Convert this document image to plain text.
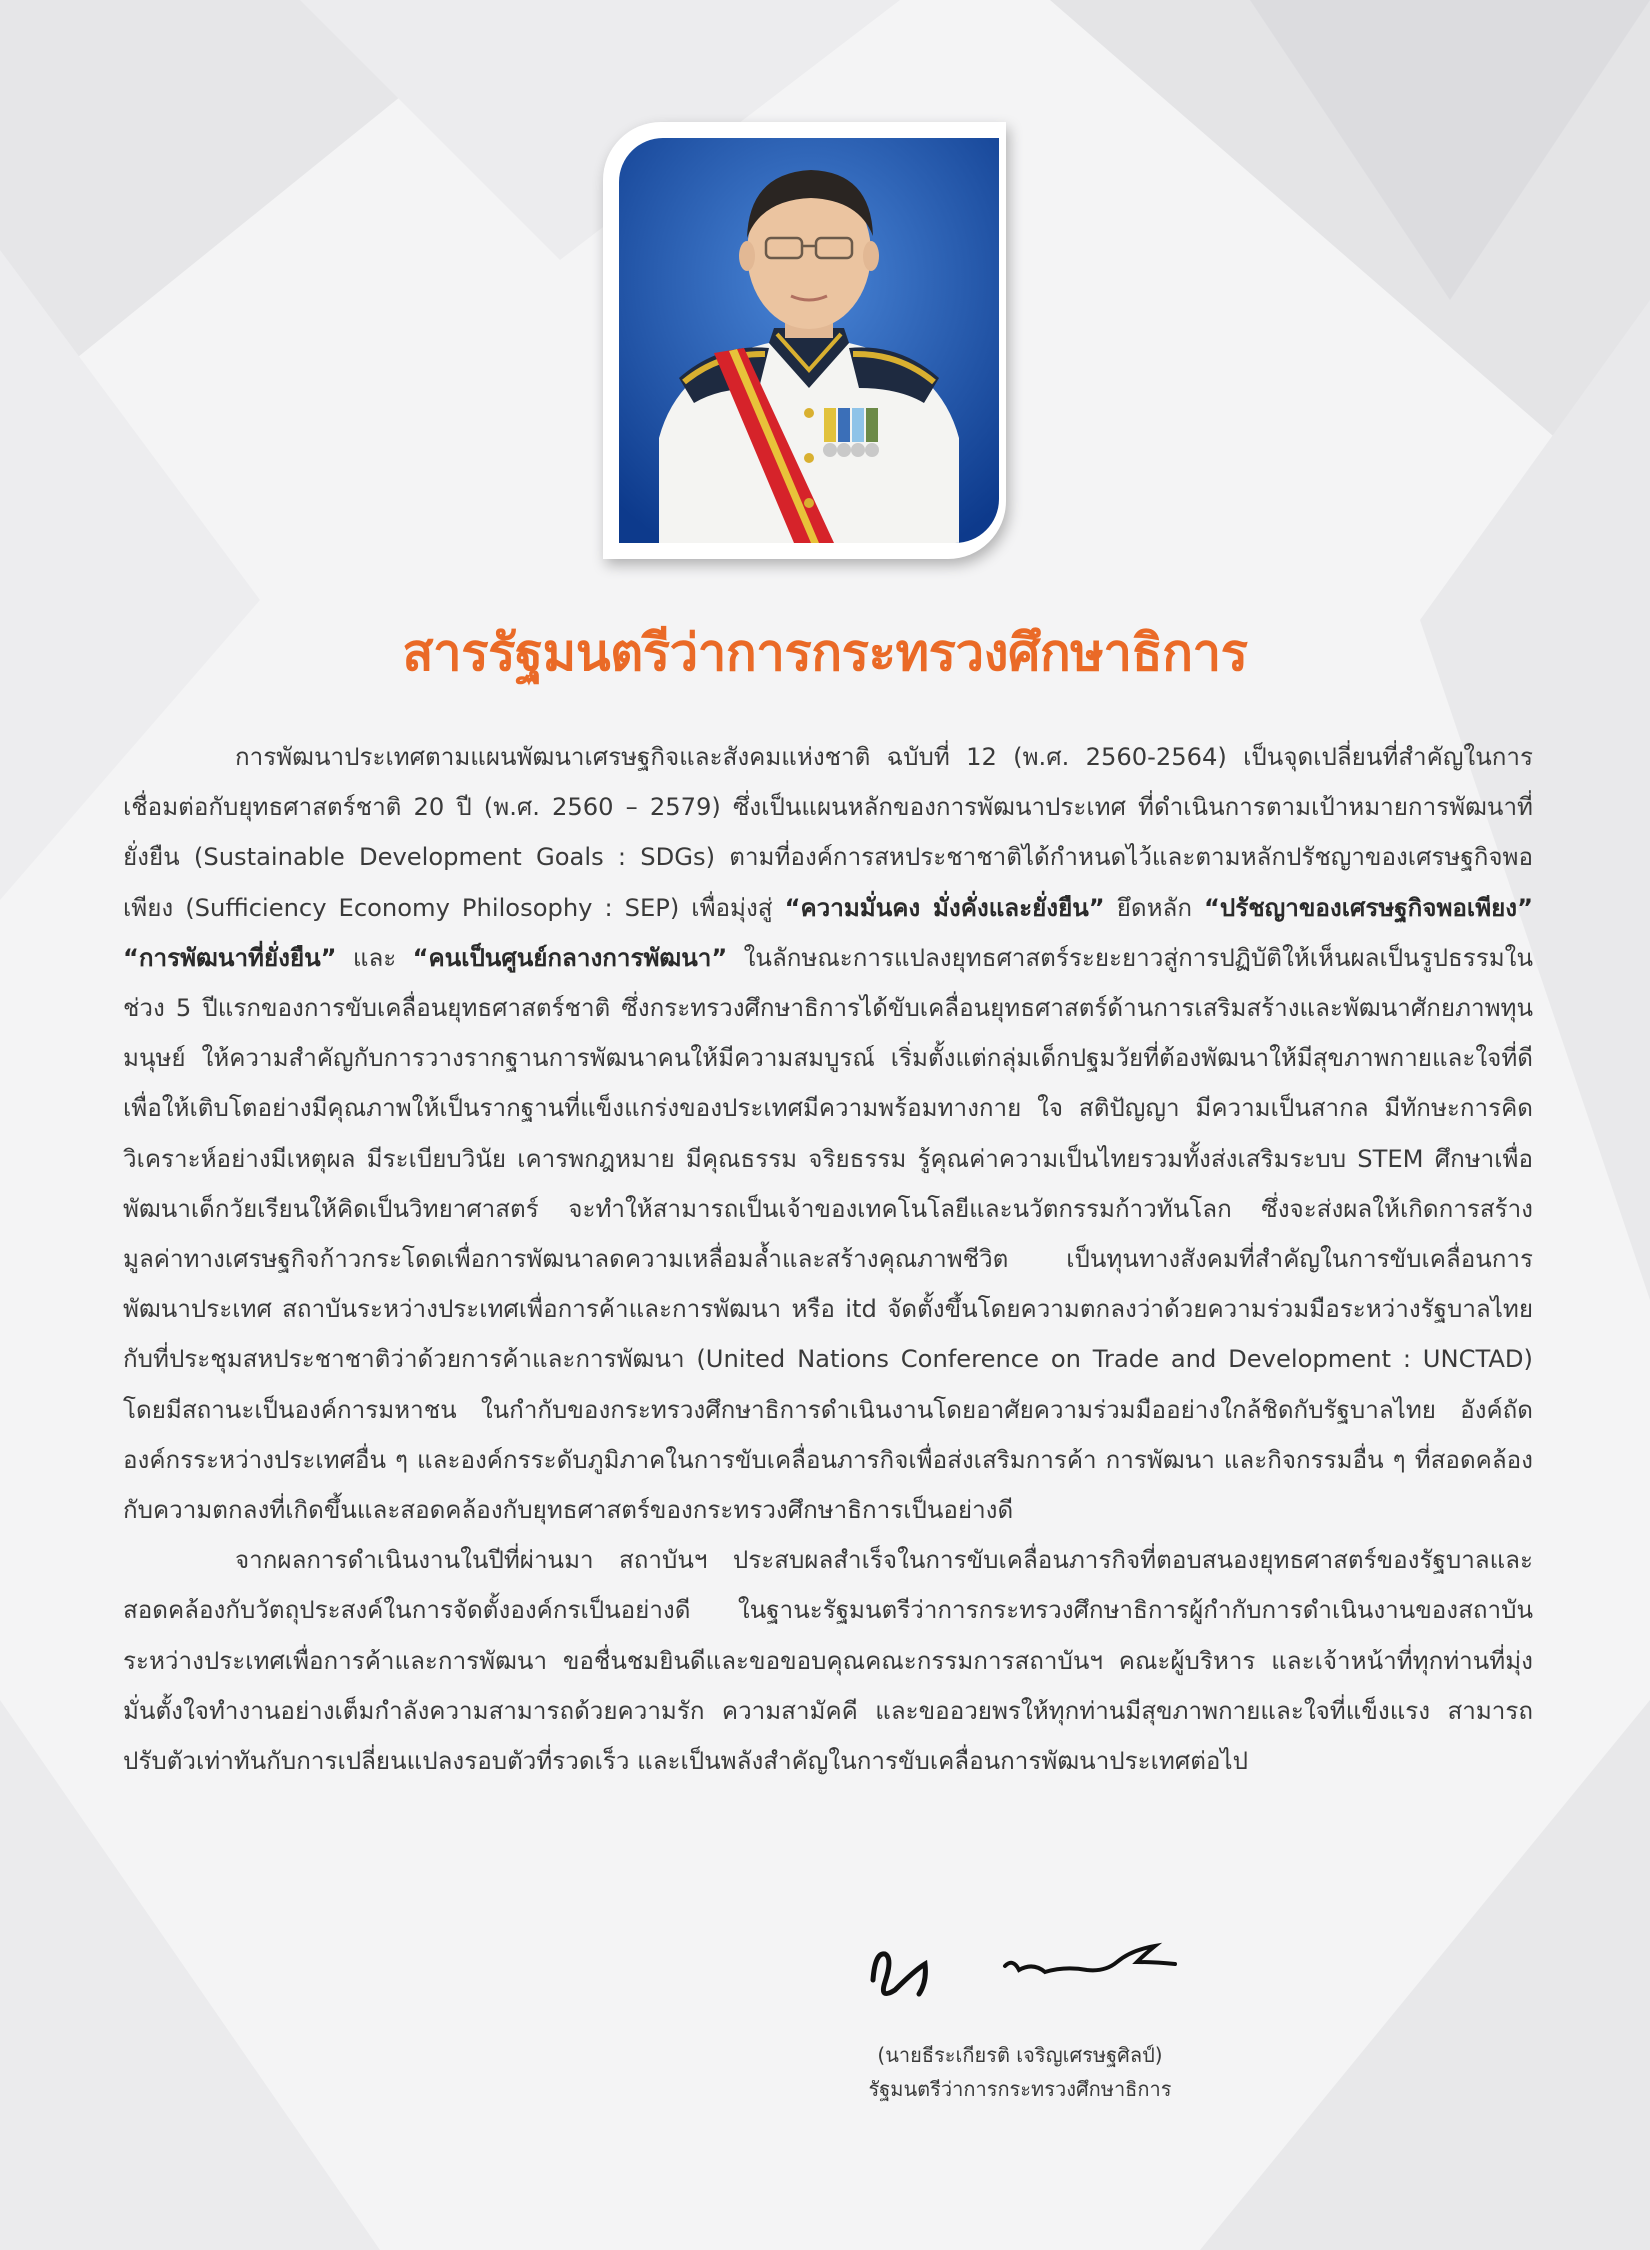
สารรัฐมนตรีว่าการกระทรวงศึกษาธิการ

การพัฒนาประเทศตามแผนพัฒนาเศรษฐกิจและสังคมแห่งชาติ ฉบับที่ 12 (พ.ศ. 2560-2564) เป็นจุดเปลี่ยนที่สำคัญในการเชื่อมต่อกับยุทธศาสตร์ชาติ 20 ปี (พ.ศ. 2560 – 2579) ซึ่งเป็นแผนหลักของการพัฒนาประเทศ ที่ดำเนินการตามเป้าหมายการพัฒนาที่ยั่งยืน (Sustainable Development Goals : SDGs) ตามที่องค์การสหประชาชาติได้กำหนดไว้และตามหลักปรัชญาของเศรษฐกิจพอเพียง (Sufficiency Economy Philosophy : SEP) เพื่อมุ่งสู่ “ความมั่นคง มั่งคั่งและยั่งยืน” ยึดหลัก “ปรัชญาของเศรษฐกิจพอเพียง” “การพัฒนาที่ยั่งยืน” และ “คนเป็นศูนย์กลางการพัฒนา” ในลักษณะการแปลงยุทธศาสตร์ระยะยาวสู่การปฏิบัติให้เห็นผลเป็นรูปธรรมในช่วง 5 ปีแรกของการขับเคลื่อนยุทธศาสตร์ชาติ ซึ่งกระทรวงศึกษาธิการได้ขับเคลื่อนยุทธศาสตร์ด้านการเสริมสร้างและพัฒนาศักยภาพทุนมนุษย์ ให้ความสำคัญกับการวางรากฐานการพัฒนาคนให้มีความสมบูรณ์ เริ่มตั้งแต่กลุ่มเด็กปฐมวัยที่ต้องพัฒนาให้มีสุขภาพกายและใจที่ดี เพื่อให้เติบโตอย่างมีคุณภาพให้เป็นรากฐานที่แข็งแกร่งของประเทศมีความพร้อมทางกาย ใจ สติปัญญา มีความเป็นสากล มีทักษะการคิดวิเคราะห์อย่างมีเหตุผล มีระเบียบวินัย เคารพกฎหมาย มีคุณธรรม จริยธรรม รู้คุณค่าความเป็นไทยรวมทั้งส่งเสริมระบบ STEM ศึกษาเพื่อพัฒนาเด็กวัยเรียนให้คิดเป็นวิทยาศาสตร์ จะทำให้สามารถเป็นเจ้าของเทคโนโลยีและนวัตกรรมก้าวทันโลก ซึ่งจะส่งผลให้เกิดการสร้างมูลค่าทางเศรษฐกิจก้าวกระโดดเพื่อการพัฒนาลดความเหลื่อมล้ำและสร้างคุณภาพชีวิต เป็นทุนทางสังคมที่สำคัญในการขับเคลื่อนการพัฒนาประเทศ สถาบันระหว่างประเทศเพื่อการค้าและการพัฒนา หรือ itd จัดตั้งขึ้นโดยความตกลงว่าด้วยความร่วมมือระหว่างรัฐบาลไทยกับที่ประชุมสหประชาชาติว่าด้วยการค้าและการพัฒนา (United Nations Conference on Trade and Development : UNCTAD) โดยมีสถานะเป็นองค์การมหาชน ในกำกับของกระทรวงศึกษาธิการดำเนินงานโดยอาศัยความร่วมมืออย่างใกล้ชิดกับรัฐบาลไทย อังค์ถัด องค์กรระหว่างประเทศอื่น ๆ และองค์กรระดับภูมิภาคในการขับเคลื่อนภารกิจเพื่อส่งเสริมการค้า การพัฒนา และกิจกรรมอื่น ๆ ที่สอดคล้องกับความตกลงที่เกิดขึ้นและสอดคล้องกับยุทธศาสตร์ของกระทรวงศึกษาธิการเป็นอย่างดี

จากผลการดำเนินงานในปีที่ผ่านมา สถาบันฯ ประสบผลสำเร็จในการขับเคลื่อนภารกิจที่ตอบสนองยุทธศาสตร์ของรัฐบาลและสอดคล้องกับวัตถุประสงค์ในการจัดตั้งองค์กรเป็นอย่างดี ในฐานะรัฐมนตรีว่าการกระทรวงศึกษาธิการผู้กำกับการดำเนินงานของสถาบันระหว่างประเทศเพื่อการค้าและการพัฒนา ขอชื่นชมยินดีและขอขอบคุณคณะกรรมการสถาบันฯ คณะผู้บริหาร และเจ้าหน้าที่ทุกท่านที่มุ่งมั่นตั้งใจทำงานอย่างเต็มกำลังความสามารถด้วยความรัก ความสามัคคี และขออวยพรให้ทุกท่านมีสุขภาพกายและใจที่แข็งแรง สามารถปรับตัวเท่าทันกับการเปลี่ยนแปลงรอบตัวที่รวดเร็ว และเป็นพลังสำคัญในการขับเคลื่อนการพัฒนาประเทศต่อไป

(นายธีระเกียรติ เจริญเศรษฐศิลป์)
รัฐมนตรีว่าการกระทรวงศึกษาธิการ
